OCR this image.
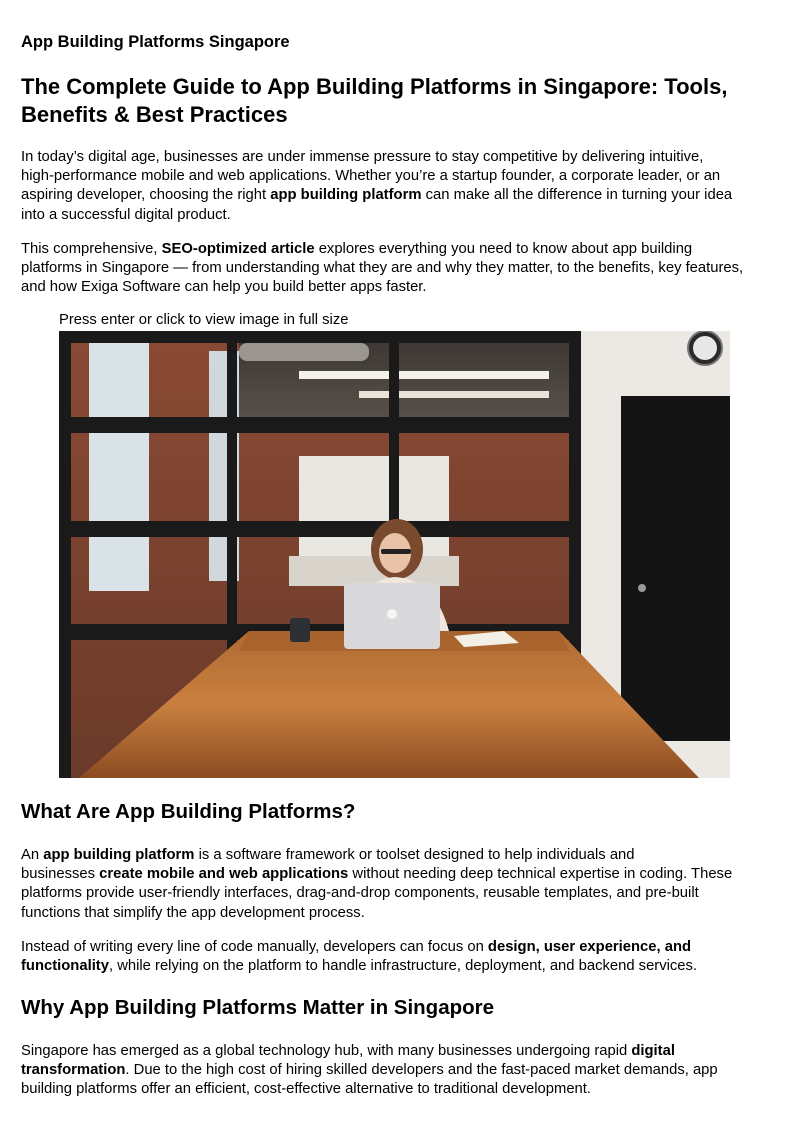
App Building Platforms Singapore
The Complete Guide to App Building Platforms in Singapore: Tools,
Benefits & Best Practices

In today’s digital age, businesses are under immense pressure to stay competitive by delivering intuitive,
high-performance mobile and web applications. Whether you’re a startup founder, a corporate leader, or an
aspiring developer, choosing the right app building platform can make all the difference in turning your idea
into a successful digital product.

This comprehensive, SEO-optimized article explores everything you need to know about app building
platforms in Singapore — from understanding what they are and why they matter, to the benefits, key features,
and how Exiga Software can help you build better apps faster.

Press enter or click to view image in full size
What Are App Building Platforms?

An app building platform is a software framework or toolset designed to help individuals and
businesses create mobile and web applications without needing deep technical expertise in coding. These
platforms provide user-friendly interfaces, drag-and-drop components, reusable templates, and pre-built
functions that simplify the app development process.

Instead of writing every line of code manually, developers can focus on design, user experience, and
functionality, while relying on the platform to handle infrastructure, deployment, and backend services.

Why App Building Platforms Matter in Singapore

Singapore has emerged as a global technology hub, with many businesses undergoing rapid digital
transformation. Due to the high cost of hiring skilled developers and the fast-paced market demands, app
building platforms offer an efficient, cost-effective alternative to traditional development.
